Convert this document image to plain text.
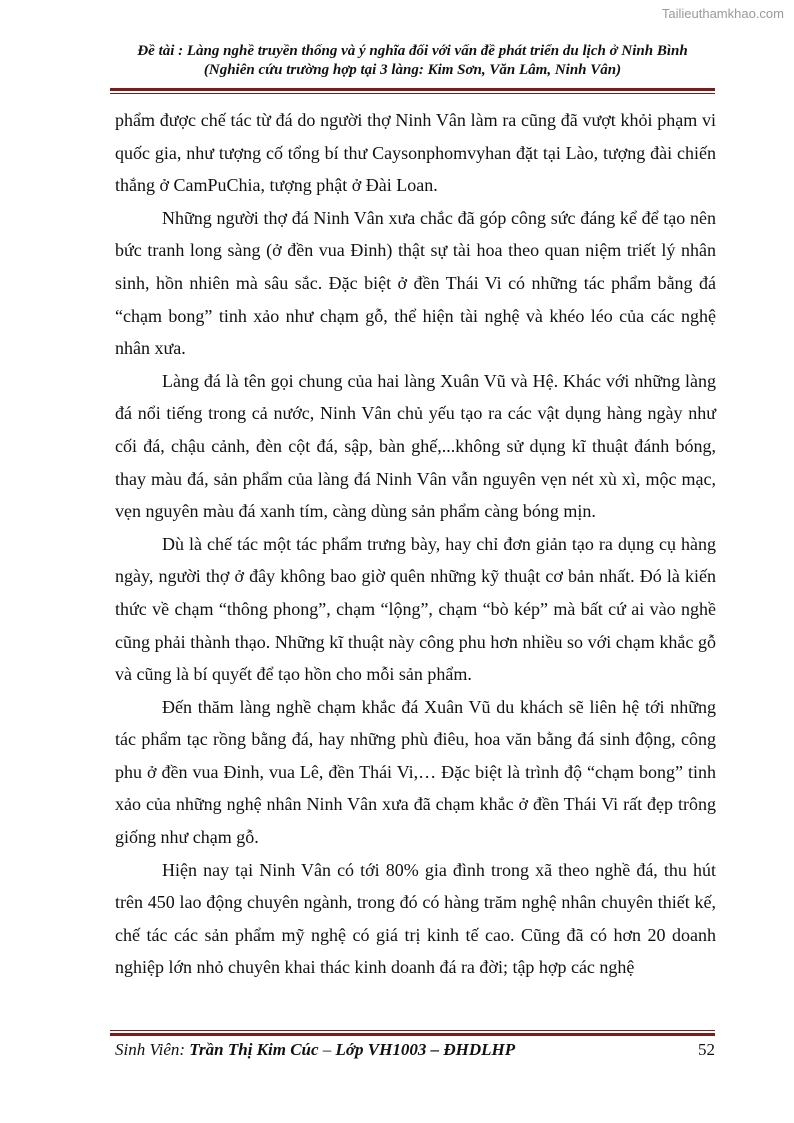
Tailieuthamkhao.com
Đề tài : Làng nghề truyền thống và ý nghĩa đối với vấn đề phát triển du lịch ở Ninh Bình
(Nghiên cứu trường hợp tại 3 làng: Kim Sơn, Văn Lâm, Ninh Vân)

phẩm được chế tác từ đá do người thợ Ninh Vân làm ra cũng đã vượt khỏi phạm vi quốc gia, như tượng cố tổng bí thư Caysonphomvyhan đặt tại Lào, tượng đài chiến thắng ở CamPuChia, tượng phật ở Đài Loan.

Những người thợ đá Ninh Vân xưa chắc đã góp công sức đáng kể để tạo nên bức tranh long sàng (ở đền vua Đinh) thật sự tài hoa theo quan niệm triết lý nhân sinh, hồn nhiên mà sâu sắc. Đặc biệt ở đền Thái Vi có những tác phẩm bằng đá “chạm bong” tinh xảo như chạm gỗ, thể hiện tài nghệ và khéo léo của các nghệ nhân xưa.

Làng đá là tên gọi chung của hai làng Xuân Vũ và Hệ. Khác với những làng đá nổi tiếng trong cả nước, Ninh Vân chủ yếu tạo ra các vật dụng hàng ngày như cối đá, chậu cảnh, đèn cột đá, sập, bàn ghế,...không sử dụng kĩ thuật đánh bóng, thay màu đá, sản phẩm của làng đá Ninh Vân vẫn nguyên vẹn nét xù xì, mộc mạc, vẹn nguyên màu đá xanh tím, càng dùng sản phẩm càng bóng mịn.

Dù là chế tác một tác phẩm trưng bày, hay chỉ đơn giản tạo ra dụng cụ hàng ngày, người thợ ở đây không bao giờ quên những kỹ thuật cơ bản nhất. Đó là kiến thức về chạm “thông phong”, chạm “lộng”, chạm “bò kép” mà bất cứ ai vào nghề cũng phải thành thạo. Những kĩ thuật này công phu hơn nhiều so với chạm khắc gỗ và cũng là bí quyết để tạo hồn cho mỗi sản phẩm.

Đến thăm làng nghề chạm khắc đá Xuân Vũ du khách sẽ liên hệ tới những tác phẩm tạc rồng bằng đá, hay những phù điêu, hoa văn bằng đá sinh động, công phu ở đền vua Đinh, vua Lê, đền Thái Vi,… Đặc biệt là trình độ “chạm bong” tinh xảo của những nghệ nhân Ninh Vân xưa đã chạm khắc ở đền Thái Vi rất đẹp trông giống như chạm gỗ.

Hiện nay tại Ninh Vân có tới 80% gia đình trong xã theo nghề đá, thu hút trên 450 lao động chuyên ngành, trong đó có hàng trăm nghệ nhân chuyên thiết kế, chế tác các sản phẩm mỹ nghệ có giá trị kinh tế cao. Cũng đã có hơn 20 doanh nghiệp lớn nhỏ chuyên khai thác kinh doanh đá ra đời; tập hợp các nghệ

Sinh Viên: Trần Thị Kim Cúc – Lớp VH1003 – ĐHDLHP	52
